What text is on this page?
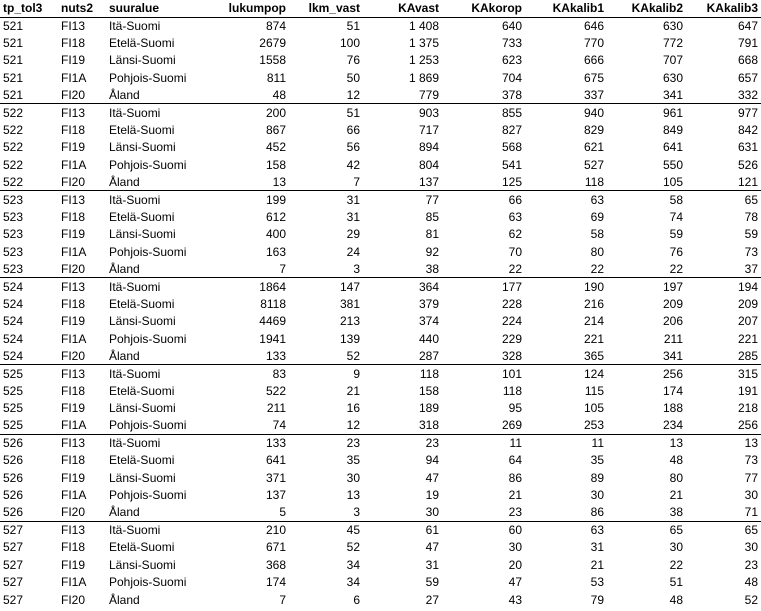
tp_tol3	nuts2	suuralue	lukumpop	lkm_vast	KAvast	KAkorop	KAkalib1	KAkalib2	KAkalib3
521	FI13	Itä-Suomi	874	51	1 408	640	646	630	647
521	FI18	Etelä-Suomi	2679	100	1 375	733	770	772	791
521	FI19	Länsi-Suomi	1558	76	1 253	623	666	707	668
521	FI1A	Pohjois-Suomi	811	50	1 869	704	675	630	657
521	FI20	Åland	48	12	779	378	337	341	332
522	FI13	Itä-Suomi	200	51	903	855	940	961	977
522	FI18	Etelä-Suomi	867	66	717	827	829	849	842
522	FI19	Länsi-Suomi	452	56	894	568	621	641	631
522	FI1A	Pohjois-Suomi	158	42	804	541	527	550	526
522	FI20	Åland	13	7	137	125	118	105	121
523	FI13	Itä-Suomi	199	31	77	66	63	58	65
523	FI18	Etelä-Suomi	612	31	85	63	69	74	78
523	FI19	Länsi-Suomi	400	29	81	62	58	59	59
523	FI1A	Pohjois-Suomi	163	24	92	70	80	76	73
523	FI20	Åland	7	3	38	22	22	22	37
524	FI13	Itä-Suomi	1864	147	364	177	190	197	194
524	FI18	Etelä-Suomi	8118	381	379	228	216	209	209
524	FI19	Länsi-Suomi	4469	213	374	224	214	206	207
524	FI1A	Pohjois-Suomi	1941	139	440	229	221	211	221
524	FI20	Åland	133	52	287	328	365	341	285
525	FI13	Itä-Suomi	83	9	118	101	124	256	315
525	FI18	Etelä-Suomi	522	21	158	118	115	174	191
525	FI19	Länsi-Suomi	211	16	189	95	105	188	218
525	FI1A	Pohjois-Suomi	74	12	318	269	253	234	256
526	FI13	Itä-Suomi	133	23	23	11	11	13	13
526	FI18	Etelä-Suomi	641	35	94	64	35	48	73
526	FI19	Länsi-Suomi	371	30	47	86	89	80	77
526	FI1A	Pohjois-Suomi	137	13	19	21	30	21	30
526	FI20	Åland	5	3	30	23	86	38	71
527	FI13	Itä-Suomi	210	45	61	60	63	65	65
527	FI18	Etelä-Suomi	671	52	47	30	31	30	30
527	FI19	Länsi-Suomi	368	34	31	20	21	22	23
527	FI1A	Pohjois-Suomi	174	34	59	47	53	51	48
527	FI20	Åland	7	6	27	43	79	48	52
